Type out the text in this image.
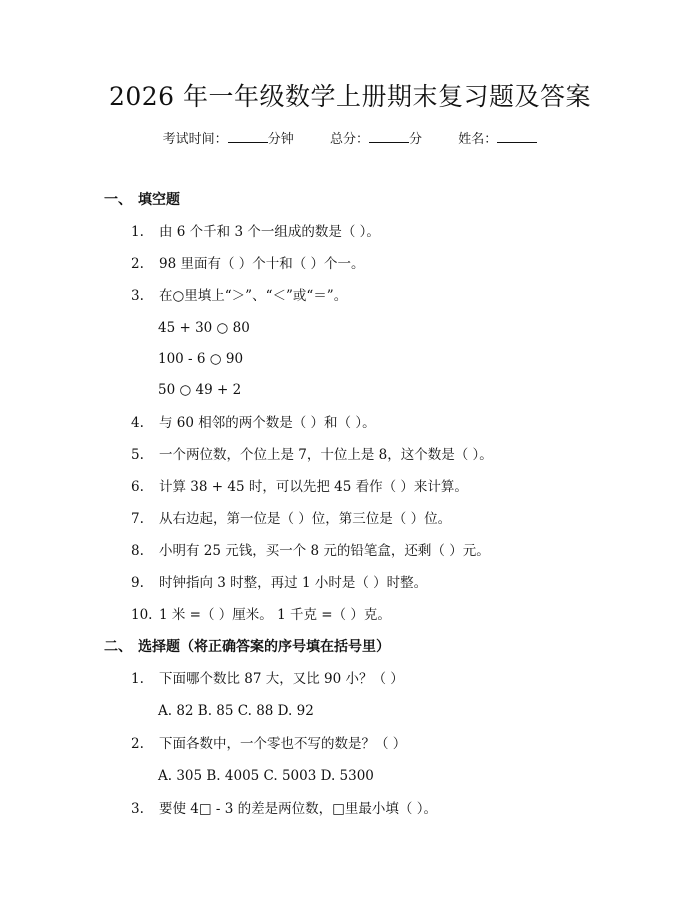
2026 年一年级数学上册期末复习题及答案
考试时间：	分钟	总分：	分	姓名：
一、 填空题
1. 由 6 个千和 3 个一组成的数是（ ）。
2. 98 里面有（ ）个十和（ ）个一。
3. 在○里填上“＞”、“＜”或“＝”。
45 + 30 ○ 80
100 - 6 ○ 90
50 ○ 49 + 2
4. 与 60 相邻的两个数是（ ）和（ ）。
5. 一个两位数，个位上是 7，十位上是 8，这个数是（ ）。
6. 计算 38 + 45 时，可以先把 45 看作（ ）来计算。
7. 从右边起，第一位是（ ）位，第三位是（ ）位。
8. 小明有 25 元钱，买一个 8 元的铅笔盒，还剩（ ）元。
9. 时钟指向 3 时整，再过 1 小时是（ ）时整。
10. 1 米 =（ ）厘米。 1 千克 =（ ）克。
二、 选择题（将正确答案的序号填在括号里）
1. 下面哪个数比 87 大，又比 90 小？（ ）
A. 82 B. 85 C. 88 D. 92
2. 下面各数中，一个零也不写的数是？（ ）
A. 305 B. 4005 C. 5003 D. 5300
3. 要使 4□ - 3 的差是两位数，□里最小填（ ）。
